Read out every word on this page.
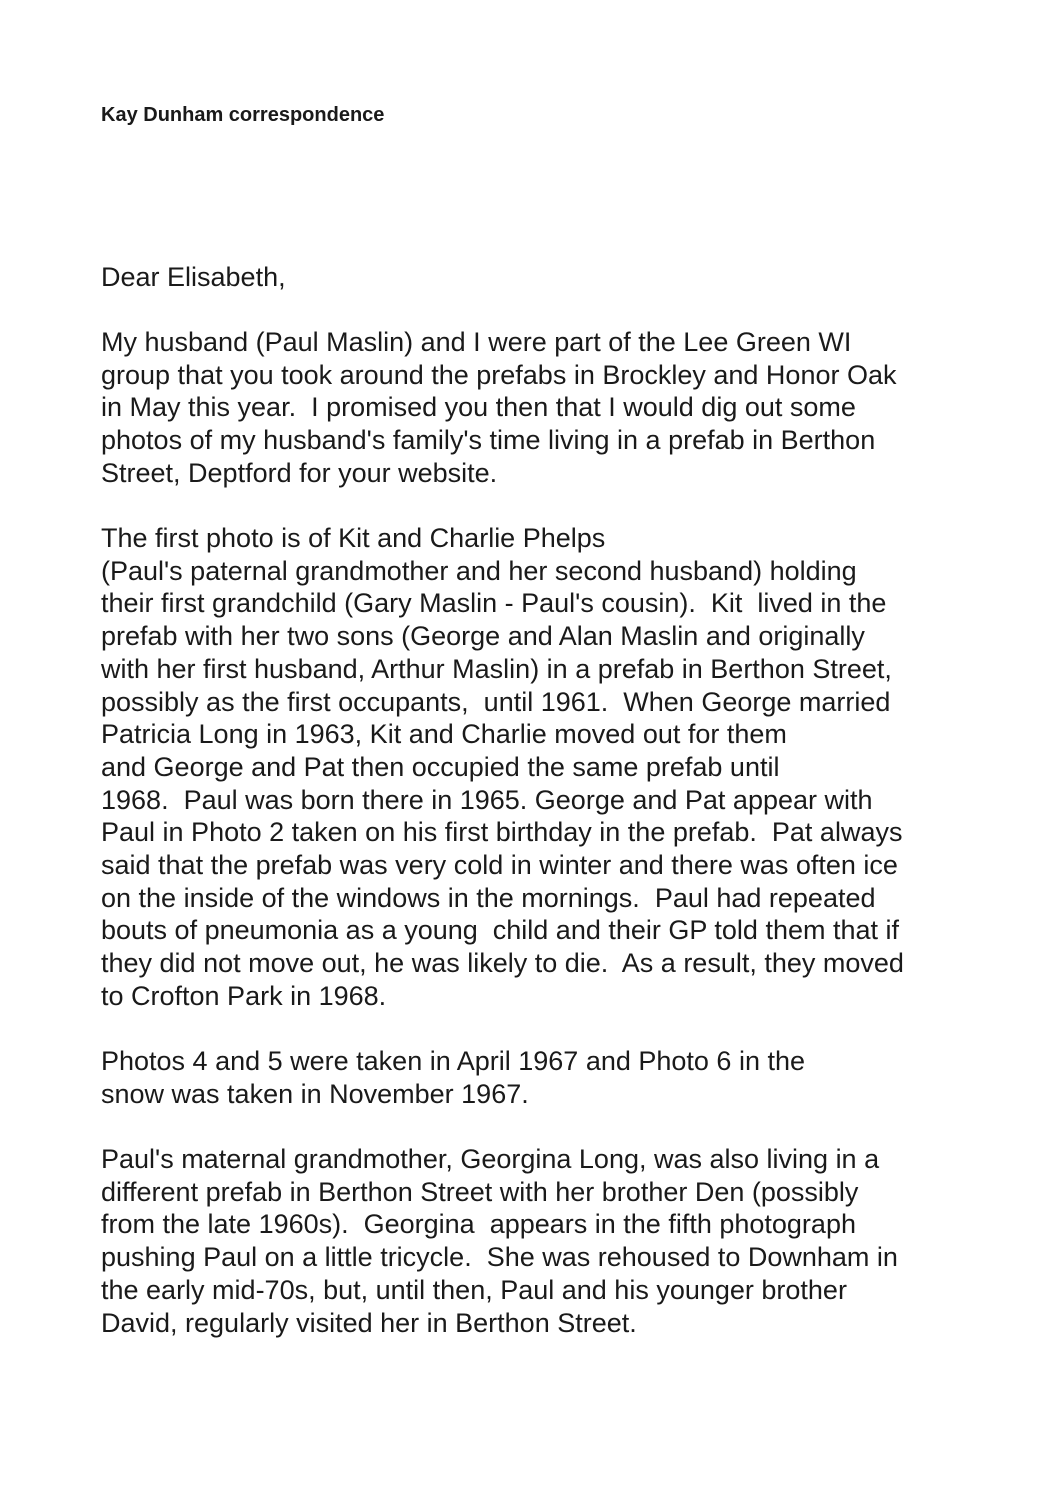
Kay Dunham correspondence
Dear Elisabeth,
My husband (Paul Maslin) and I were part of the Lee Green WI
group that you took around the prefabs in Brockley and Honor Oak
in May this year.  I promised you then that I would dig out some
photos of my husband's family's time living in a prefab in Berthon
Street, Deptford for your website.
The first photo is of Kit and Charlie Phelps
(Paul's paternal grandmother and her second husband) holding
their first grandchild (Gary Maslin - Paul's cousin).  Kit  lived in the
prefab with her two sons (George and Alan Maslin and originally
with her first husband, Arthur Maslin) in a prefab in Berthon Street,
possibly as the first occupants,  until 1961.  When George married
Patricia Long in 1963, Kit and Charlie moved out for them
and George and Pat then occupied the same prefab until
1968.  Paul was born there in 1965. George and Pat appear with
Paul in Photo 2 taken on his first birthday in the prefab.  Pat always
said that the prefab was very cold in winter and there was often ice
on the inside of the windows in the mornings.  Paul had repeated
bouts of pneumonia as a young  child and their GP told them that if
they did not move out, he was likely to die.  As a result, they moved
to Crofton Park in 1968.
Photos 4 and 5 were taken in April 1967 and Photo 6 in the
snow was taken in November 1967.
Paul's maternal grandmother, Georgina Long, was also living in a
different prefab in Berthon Street with her brother Den (possibly
from the late 1960s).  Georgina  appears in the fifth photograph
pushing Paul on a little tricycle.  She was rehoused to Downham in
the early mid-70s, but, until then, Paul and his younger brother
David, regularly visited her in Berthon Street.
